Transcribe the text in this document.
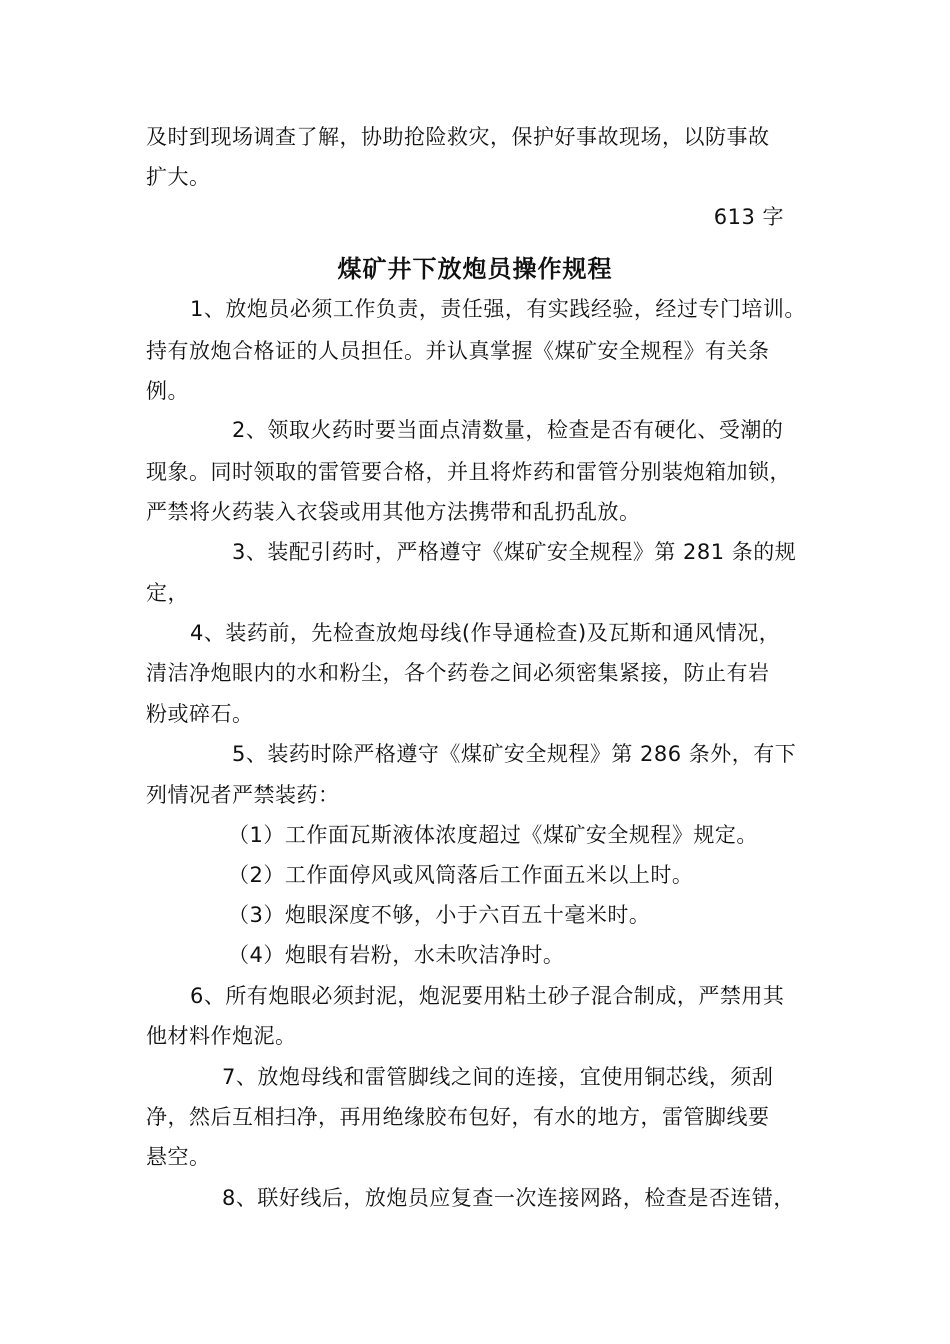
及时到现场调查了解，协助抢险救灾，保护好事故现场，以防事故
扩大。
613 字
煤矿井下放炮员操作规程
1、放炮员必须工作负责，责任强，有实践经验，经过专门培训。
持有放炮合格证的人员担任。并认真掌握《煤矿安全规程》有关条
例。
2、领取火药时要当面点清数量，检查是否有硬化、受潮的
现象。同时领取的雷管要合格，并且将炸药和雷管分别装炮箱加锁，
严禁将火药装入衣袋或用其他方法携带和乱扔乱放。
3、装配引药时，严格遵守《煤矿安全规程》第 281 条的规
定，
4、装药前，先检查放炮母线(作导通检查)及瓦斯和通风情况，
清洁净炮眼内的水和粉尘，各个药卷之间必须密集紧接，防止有岩
粉或碎石。
5、装药时除严格遵守《煤矿安全规程》第 286 条外，有下
列情况者严禁装药：
（1）工作面瓦斯液体浓度超过《煤矿安全规程》规定。
（2）工作面停风或风筒落后工作面五米以上时。
（3）炮眼深度不够，小于六百五十毫米时。
（4）炮眼有岩粉，水未吹洁净时。
6、所有炮眼必须封泥，炮泥要用粘土砂子混合制成，严禁用其
他材料作炮泥。
7、放炮母线和雷管脚线之间的连接，宜使用铜芯线，须刮
净，然后互相扫净，再用绝缘胶布包好，有水的地方，雷管脚线要
悬空。
8、联好线后，放炮员应复查一次连接网路，检查是否连错，
